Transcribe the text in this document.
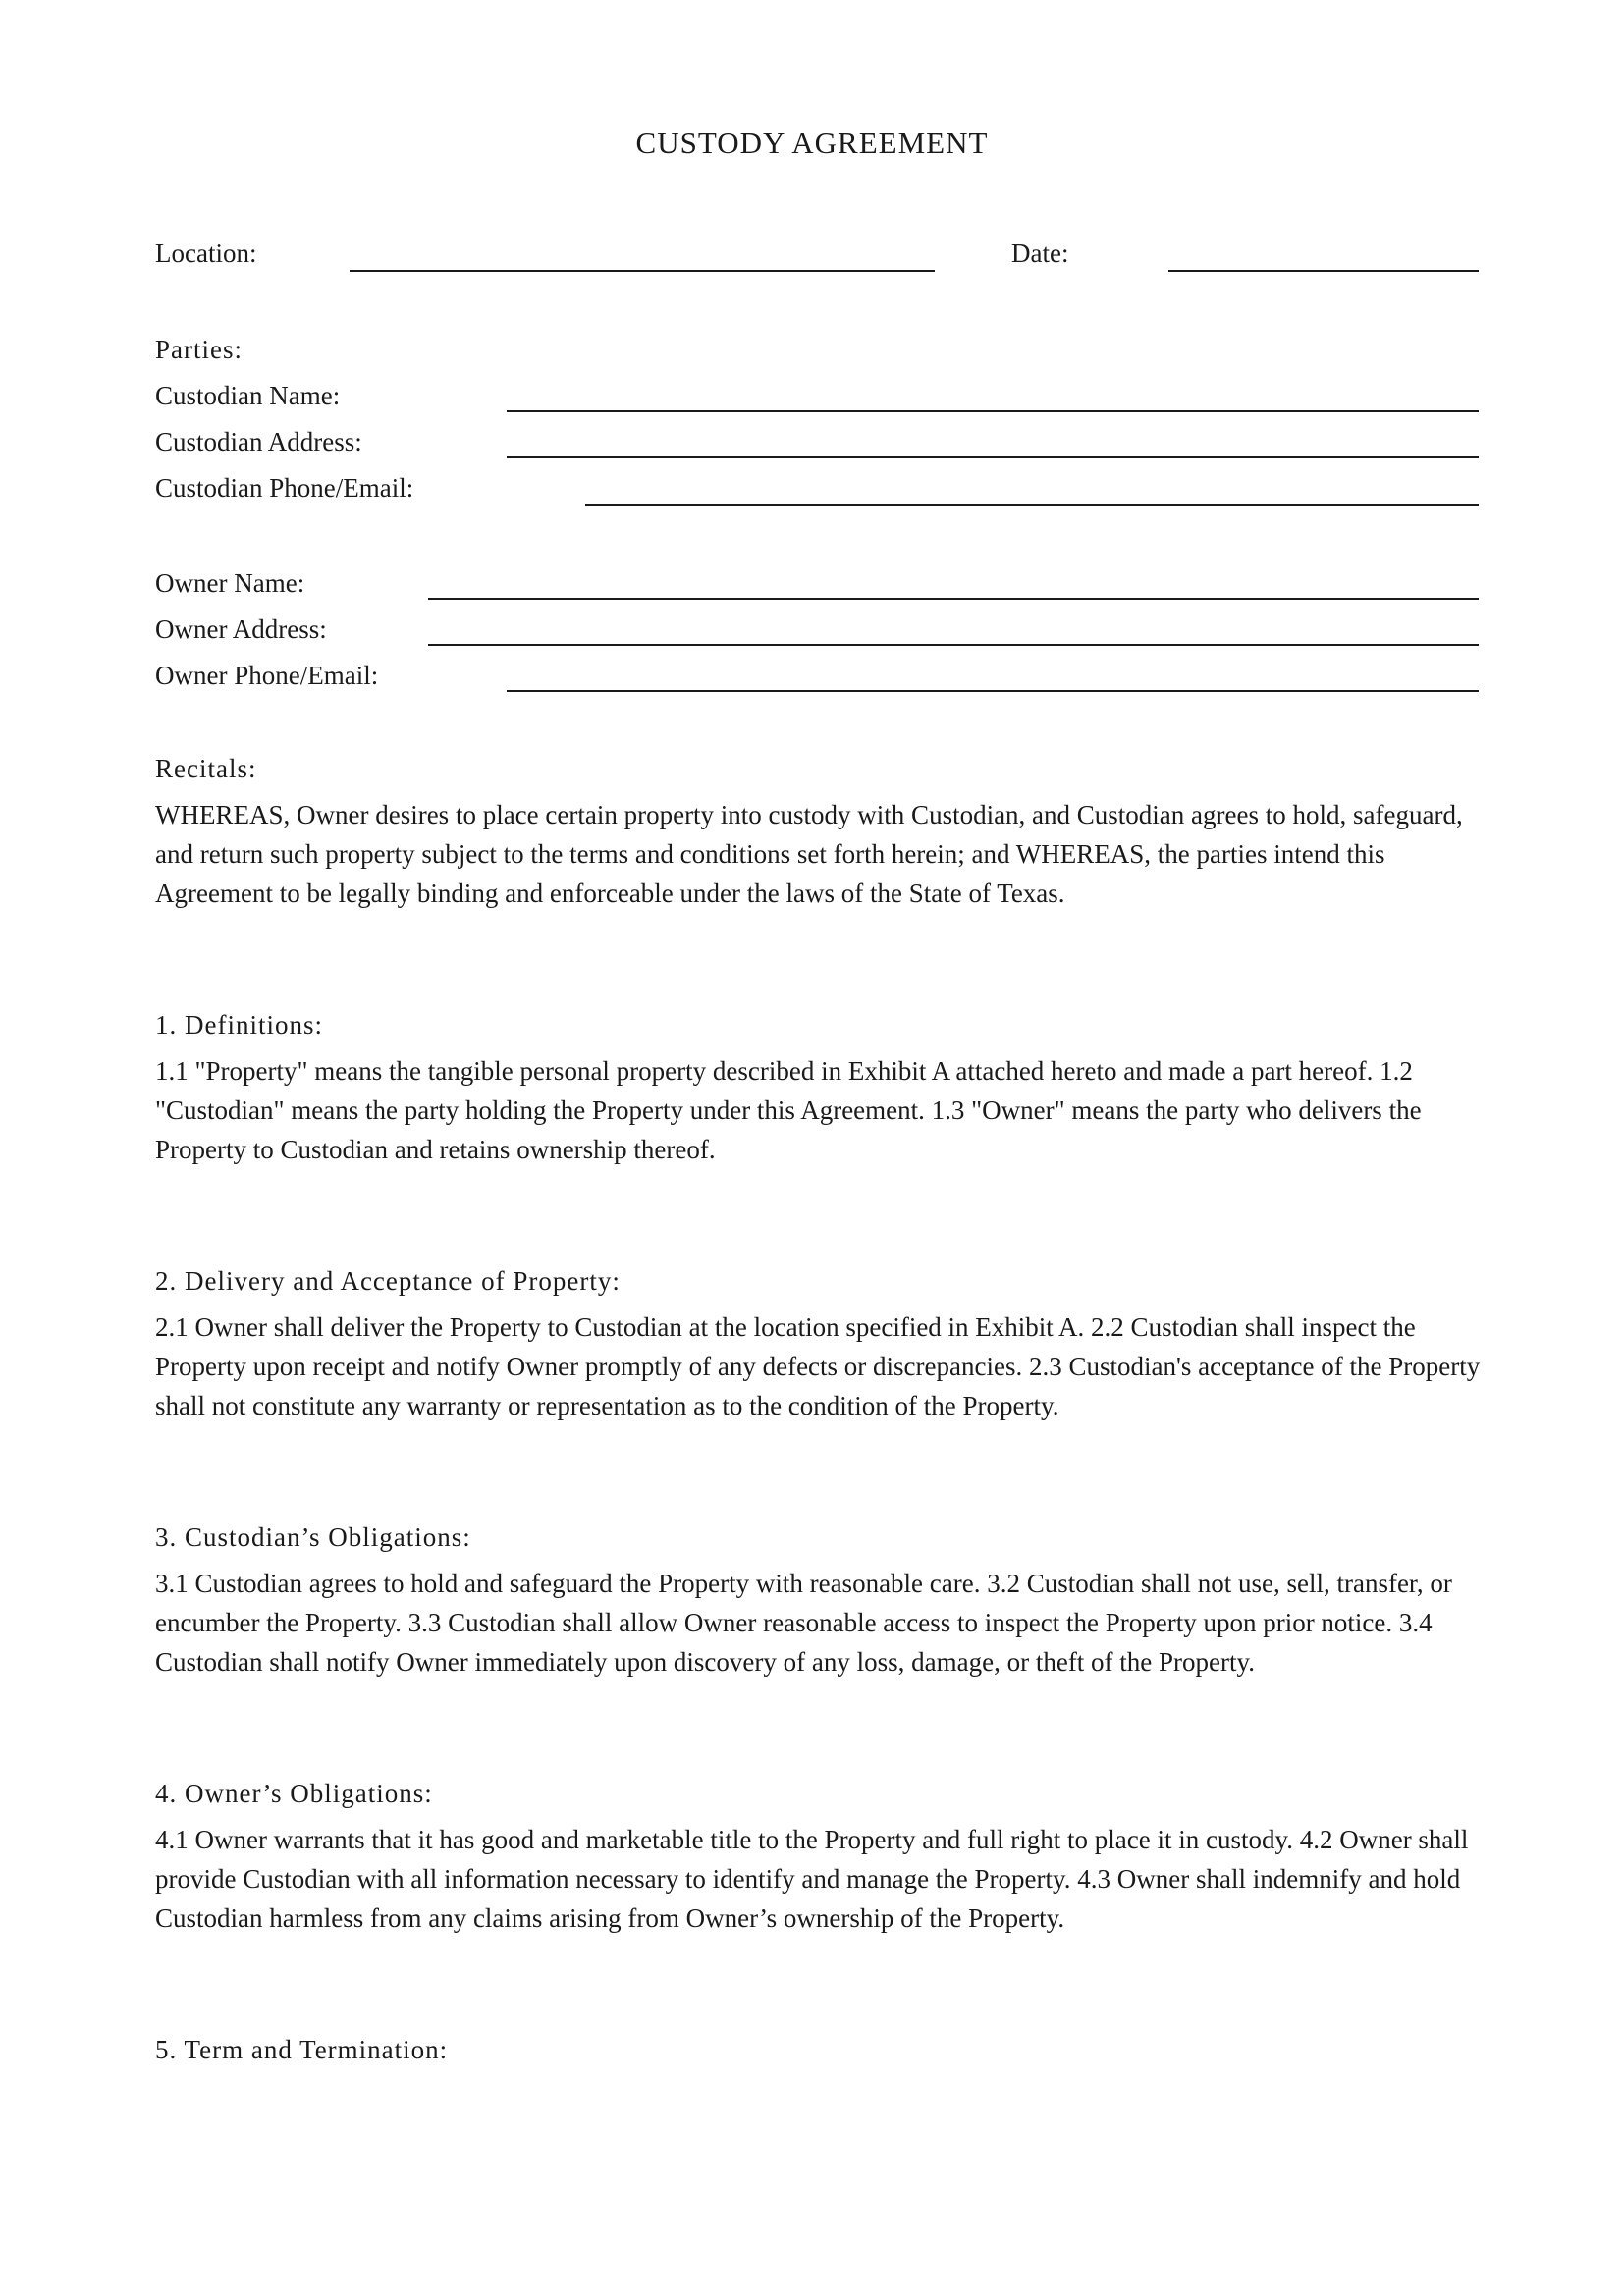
CUSTODY AGREEMENT
Location:	Date:
Parties:
Custodian Name:
Custodian Address:
Custodian Phone/Email:
Owner Name:
Owner Address:
Owner Phone/Email:
Recitals:
WHEREAS, Owner desires to place certain property into custody with Custodian, and Custodian agrees to hold, safeguard, and return such property subject to the terms and conditions set forth herein; and WHEREAS, the parties intend this Agreement to be legally binding and enforceable under the laws of the State of Texas.
1. Definitions:
1.1 "Property" means the tangible personal property described in Exhibit A attached hereto and made a part hereof. 1.2 "Custodian" means the party holding the Property under this Agreement. 1.3 "Owner" means the party who delivers the Property to Custodian and retains ownership thereof.
2. Delivery and Acceptance of Property:
2.1 Owner shall deliver the Property to Custodian at the location specified in Exhibit A. 2.2 Custodian shall inspect the Property upon receipt and notify Owner promptly of any defects or discrepancies. 2.3 Custodian's acceptance of the Property shall not constitute any warranty or representation as to the condition of the Property.
3. Custodian’s Obligations:
3.1 Custodian agrees to hold and safeguard the Property with reasonable care. 3.2 Custodian shall not use, sell, transfer, or encumber the Property. 3.3 Custodian shall allow Owner reasonable access to inspect the Property upon prior notice. 3.4 Custodian shall notify Owner immediately upon discovery of any loss, damage, or theft of the Property.
4. Owner’s Obligations:
4.1 Owner warrants that it has good and marketable title to the Property and full right to place it in custody. 4.2 Owner shall provide Custodian with all information necessary to identify and manage the Property. 4.3 Owner shall indemnify and hold Custodian harmless from any claims arising from Owner’s ownership of the Property.
5. Term and Termination:
